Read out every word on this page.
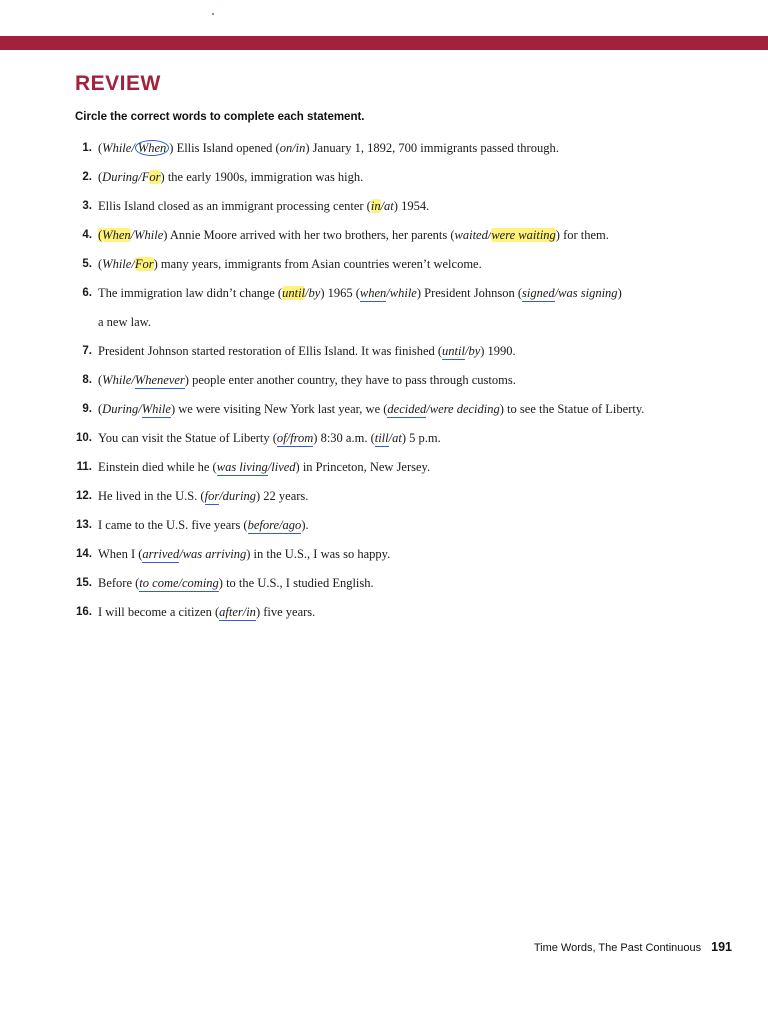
REVIEW
Circle the correct words to complete each statement.
1. (While/ When ) Ellis Island opened (on/in) January 1, 1892, 700 immigrants passed through.
2. (During/For) the early 1900s, immigration was high.
3. Ellis Island closed as an immigrant processing center (in/at) 1954.
4. (When/While) Annie Moore arrived with her two brothers, her parents (waited/were waiting) for them.
5. (While/For) many years, immigrants from Asian countries weren’t welcome.
6. The immigration law didn’t change (until/by) 1965 (when/while) President Johnson (signed/was signing)
a new law.
7. President Johnson started restoration of Ellis Island. It was finished (until/by) 1990.
8. (While/Whenever) people enter another country, they have to pass through customs.
9. (During/While) we were visiting New York last year, we (decided/were deciding) to see the Statue of Liberty.
10. You can visit the Statue of Liberty (of/from) 8:30 a.m. (till/at) 5 p.m.
11. Einstein died while he (was living/lived) in Princeton, New Jersey.
12. He lived in the U.S. (for/during) 22 years.
13. I came to the U.S. five years (before/ago).
14. When I (arrived/was arriving) in the U.S., I was so happy.
15. Before (to come/coming) to the U.S., I studied English.
16. I will become a citizen (after/in) five years.
Time Words, The Past Continuous 191
